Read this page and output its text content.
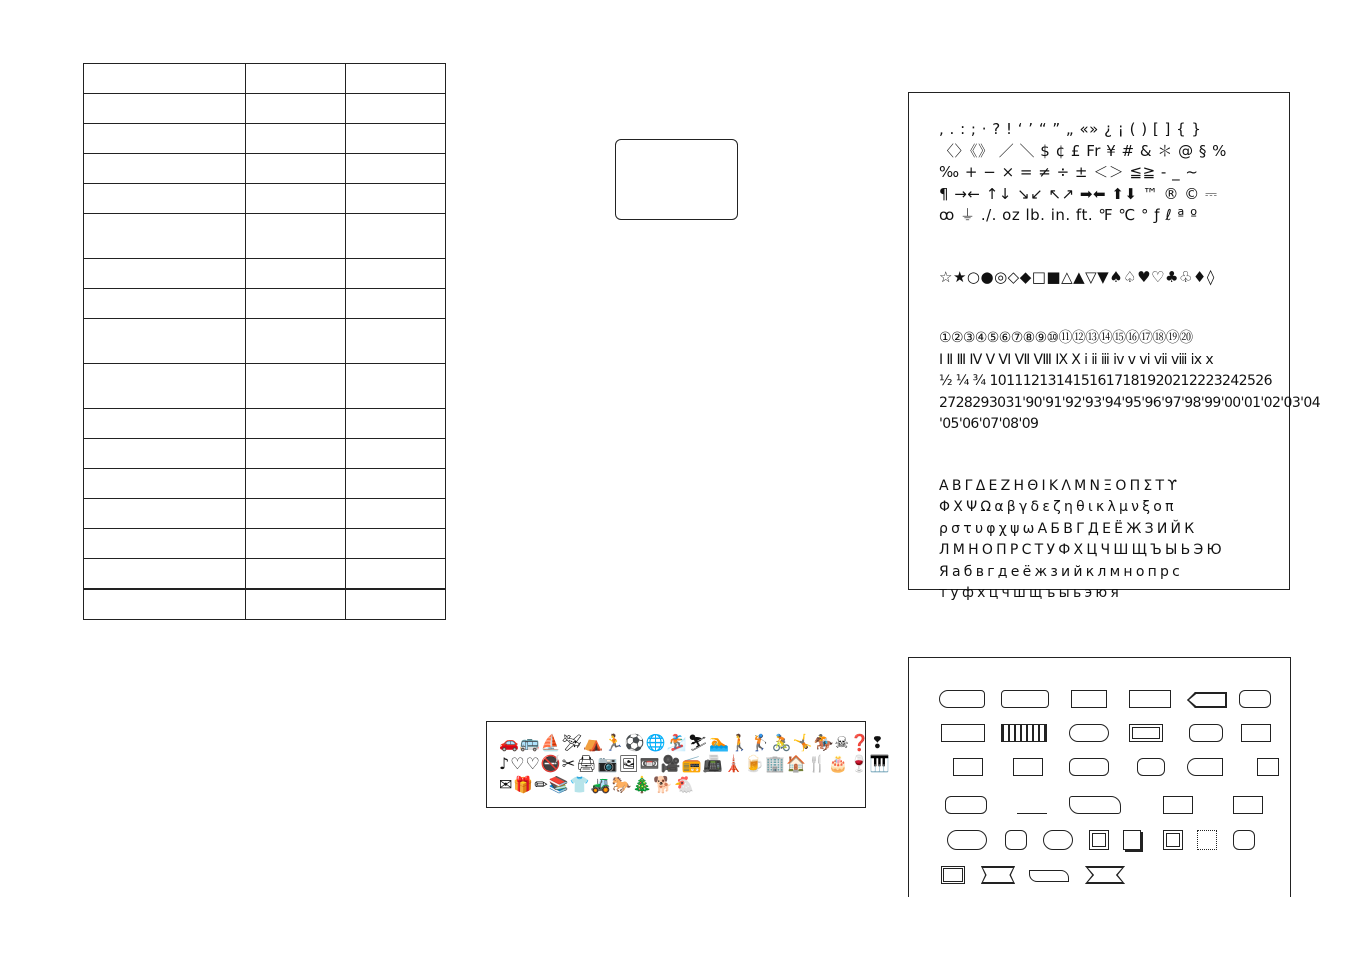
🚗🚌⛵🛩⛺🏃⚽🌐🏂⛷🏊🚶🏌🚴🤸🏇☠❓❢
♪♡♡🚭✂🖨📷🖼📼🎥📻📠🗼🍺🏢🏠🍴🎂🍷🎹
✉🎁✏📚👕🚜🐎🎄🐕🐔
, . : ; · ? ! ‘ ’ “ ” „ «» ¿ ¡ ( ) [ ] { }
〈〉《》 ／ ＼ $ ¢ £ Fr ¥ # & ＊ @ § %
‰ + − × = ≠ ÷ ± ＜＞ ≦≧ - _ ~
¶ →← ↑↓ ↘↙ ↖↗ ➡⬅ ⬆⬇ ™ ® © ⎓
ꝏ ⏚ ./. oz lb. in. ft. ℉ ℃ ° ƒ ℓ ª º
☆★○●◎◇◆□■△▲▽▼♠♤♥♡♣♧♦◊
①②③④⑤⑥⑦⑧⑨⑩⑪⑫⑬⑭⑮⑯⑰⑱⑲⑳
Ⅰ Ⅱ Ⅲ Ⅳ Ⅴ Ⅵ Ⅶ Ⅷ Ⅸ Ⅹ ⅰ ⅱ ⅲ ⅳ ⅴ ⅵ ⅶ ⅷ ⅸ ⅹ
½ ¼ ¾ 1011121314151617181920212223242526
2728293031'90'91'92'93'94'95'96'97'98'99'00'01'02'03'04
'05'06'07'08'09
Α Β Γ Δ Ε Ζ Η Θ Ι Κ Λ Μ Ν Ξ Ο Π Σ Τ ϒ
Φ Χ Ψ Ω α β γ δ ε ζ η θ ι κ λ μ ν ξ ο π
ρ σ τ υ φ χ ψ ω А Б В Г Д Е Ё Ж З И Й К
Л М Н О П Р С Т У Ф Х Ц Ч Ш Щ Ъ Ы Ь Э Ю
Я а б в г д е ё ж з и й к л м н о п р с
т у ф х ц ч ш щ ъ ы ь э ю я
